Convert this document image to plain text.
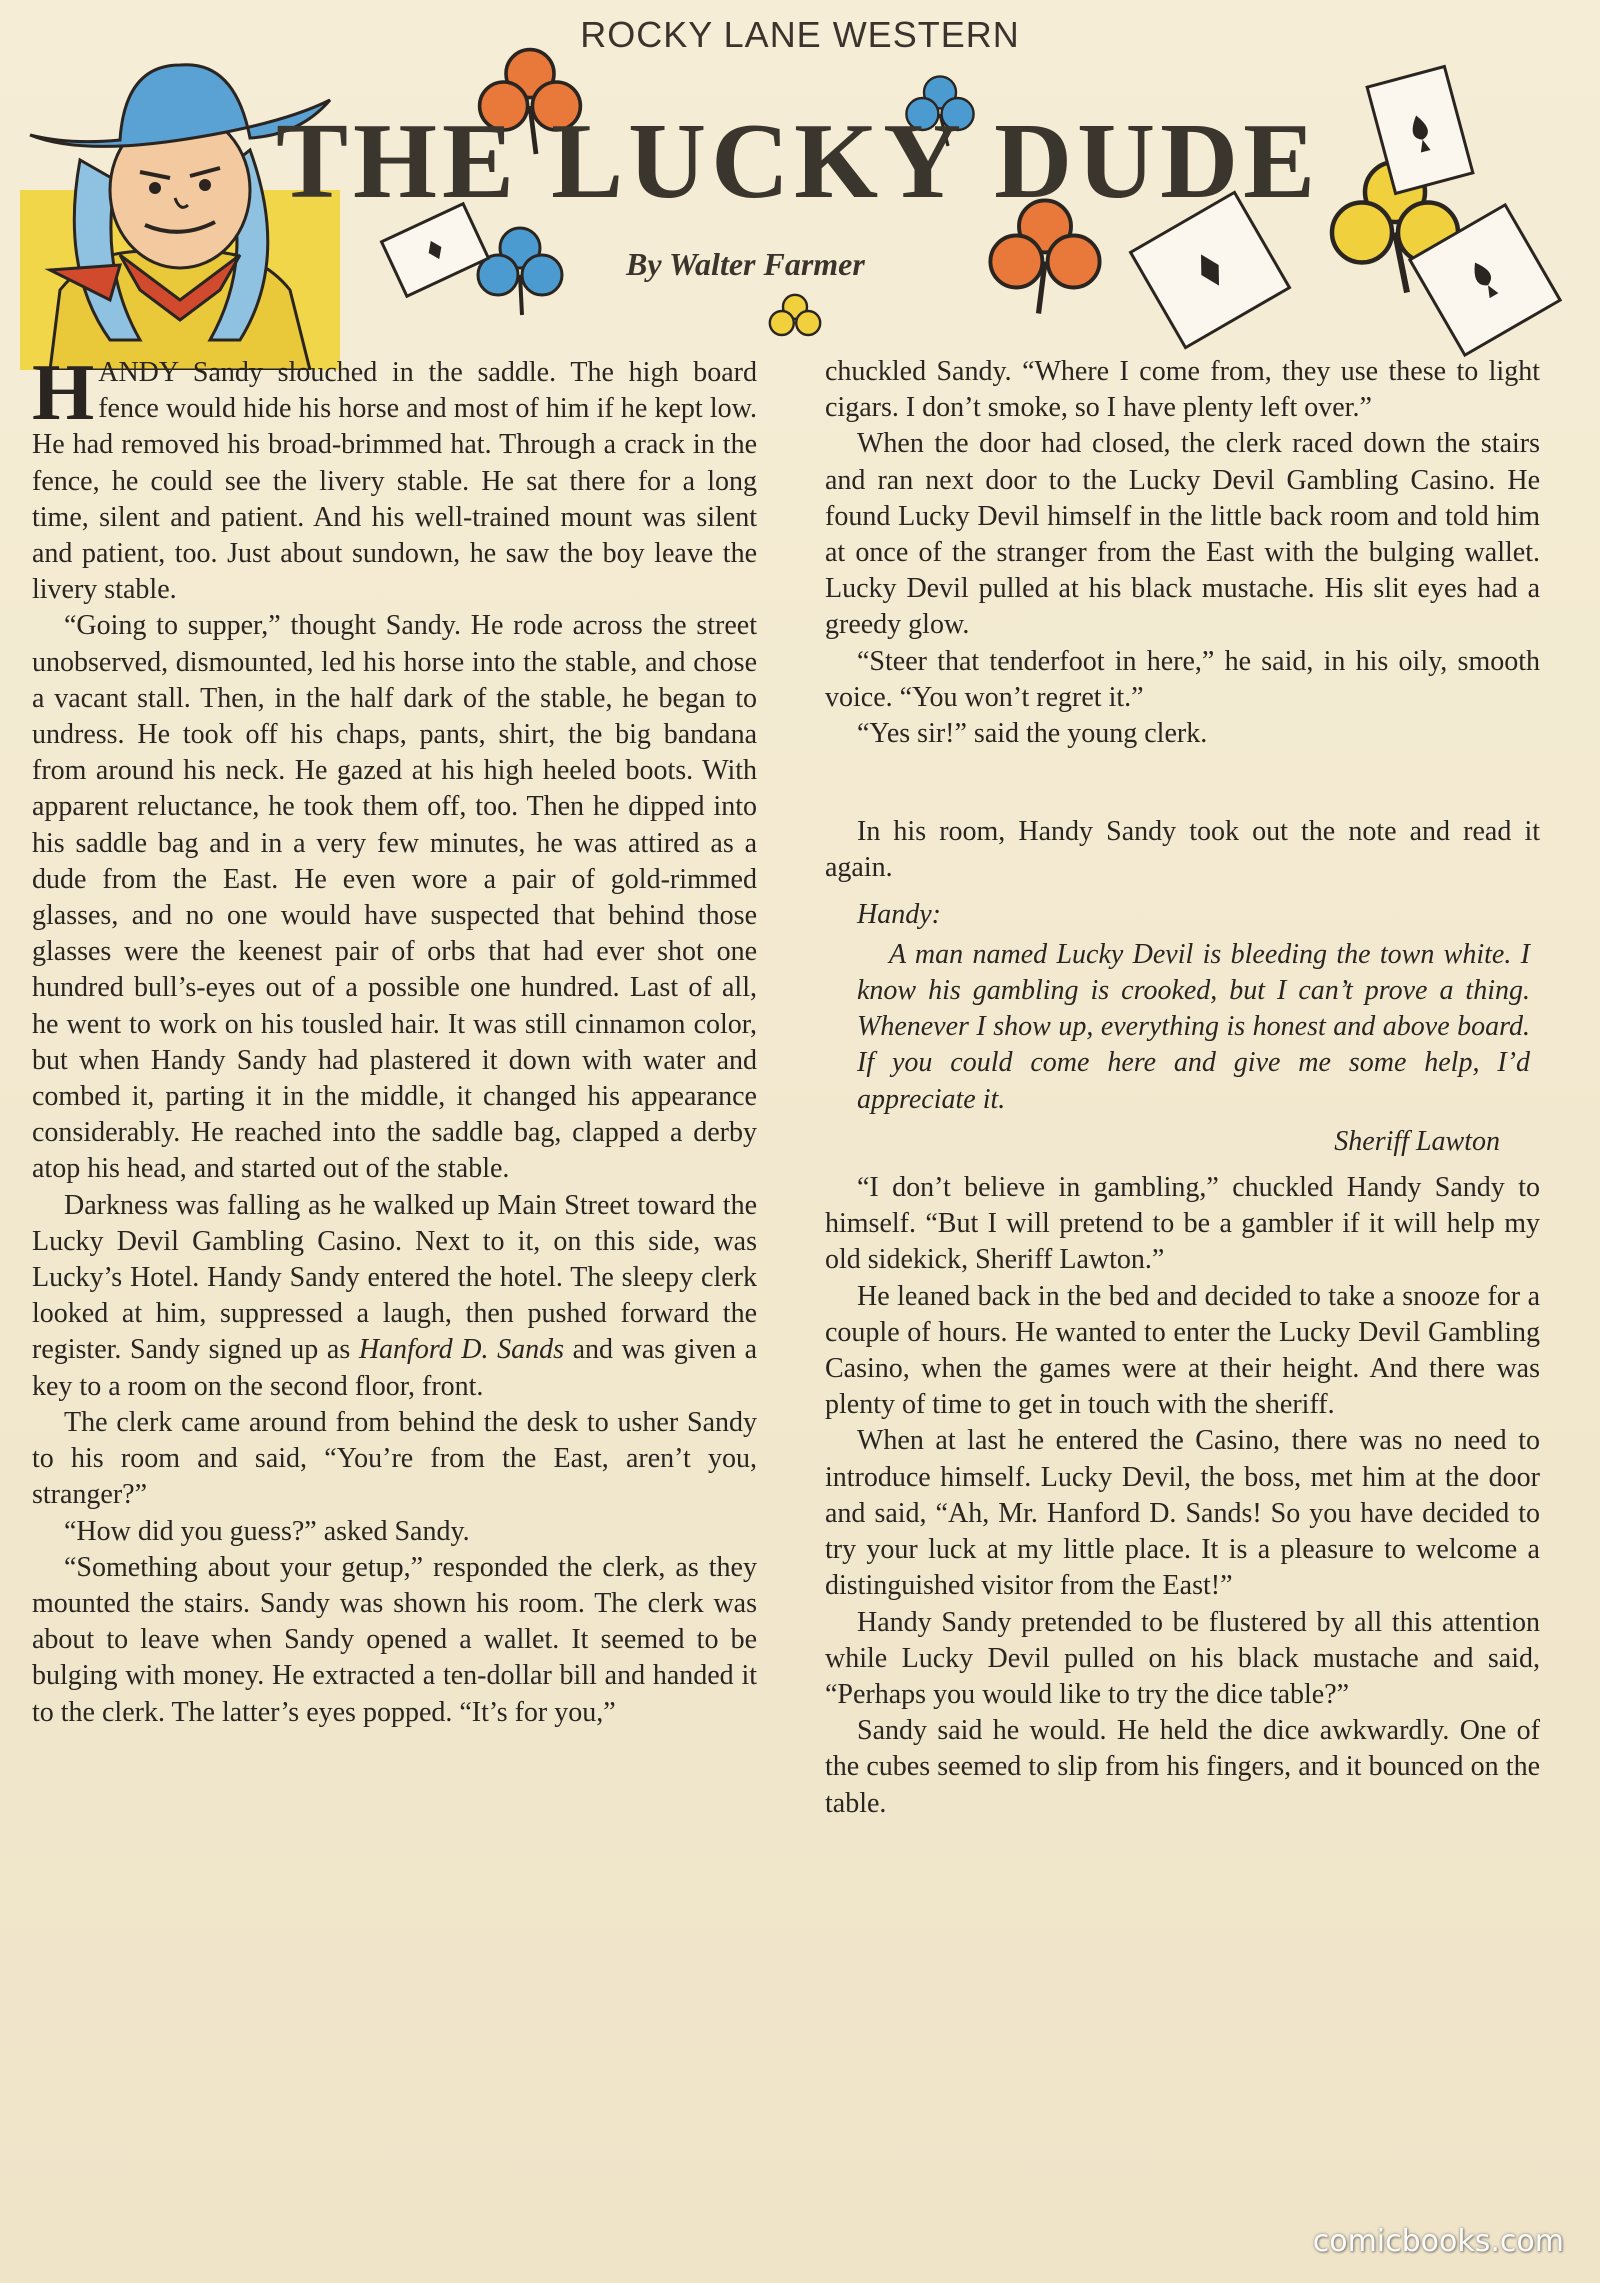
ROCKY LANE WESTERN
THE LUCKY DUDE
By Walter Farmer

HANDY Sandy slouched in the saddle. The high board fence would hide his horse and most of him if he kept low. He had removed his broad-brimmed hat. Through a crack in the fence, he could see the livery stable. He sat there for a long time, silent and patient. And his well-trained mount was silent and patient, too. Just about sundown, he saw the boy leave the livery stable.

“Going to supper,” thought Sandy. He rode across the street unobserved, dismounted, led his horse into the stable, and chose a vacant stall. Then, in the half dark of the stable, he began to undress. He took off his chaps, pants, shirt, the big bandana from around his neck. He gazed at his high heeled boots. With apparent reluctance, he took them off, too. Then he dipped into his saddle bag and in a very few minutes, he was attired as a dude from the East. He even wore a pair of gold-rimmed glasses, and no one would have suspected that behind those glasses were the keenest pair of orbs that had ever shot one hundred bull’s-eyes out of a possible one hundred. Last of all, he went to work on his tousled hair. It was still cinnamon color, but when Handy Sandy had plastered it down with water and combed it, parting it in the middle, it changed his appearance considerably. He reached into the saddle bag, clapped a derby atop his head, and started out of the stable.

Darkness was falling as he walked up Main Street toward the Lucky Devil Gambling Casino. Next to it, on this side, was Lucky’s Hotel. Handy Sandy entered the hotel. The sleepy clerk looked at him, suppressed a laugh, then pushed forward the register. Sandy signed up as Hanford D. Sands and was given a key to a room on the second floor, front.

The clerk came around from behind the desk to usher Sandy to his room and said, “You’re from the East, aren’t you, stranger?”

“How did you guess?” asked Sandy.

“Something about your getup,” responded the clerk, as they mounted the stairs. Sandy was shown his room. The clerk was about to leave when Sandy opened a wallet. It seemed to be bulging with money. He extracted a ten-dollar bill and handed it to the clerk. The latter’s eyes popped. “It’s for you,”

chuckled Sandy. “Where I come from, they use these to light cigars. I don’t smoke, so I have plenty left over.”

When the door had closed, the clerk raced down the stairs and ran next door to the Lucky Devil Gambling Casino. He found Lucky Devil himself in the little back room and told him at once of the stranger from the East with the bulging wallet. Lucky Devil pulled at his black mustache. His slit eyes had a greedy glow.

“Steer that tenderfoot in here,” he said, in his oily, smooth voice. “You won’t regret it.”

“Yes sir!” said the young clerk.

In his room, Handy Sandy took out the note and read it again.

Handy:

A man named Lucky Devil is bleeding the town white. I know his gambling is crooked, but I can’t prove a thing. Whenever I show up, everything is honest and above board. If you could come here and give me some help, I’d appreciate it.

Sheriff Lawton

“I don’t believe in gambling,” chuckled Handy Sandy to himself. “But I will pretend to be a gambler if it will help my old sidekick, Sheriff Lawton.”

He leaned back in the bed and decided to take a snooze for a couple of hours. He wanted to enter the Lucky Devil Gambling Casino, when the games were at their height. And there was plenty of time to get in touch with the sheriff.

When at last he entered the Casino, there was no need to introduce himself. Lucky Devil, the boss, met him at the door and said, “Ah, Mr. Hanford D. Sands! So you have decided to try your luck at my little place. It is a pleasure to welcome a distinguished visitor from the East!”

Handy Sandy pretended to be flustered by all this attention while Lucky Devil pulled on his black mustache and said, “Perhaps you would like to try the dice table?”

Sandy said he would. He held the dice awkwardly. One of the cubes seemed to slip from his fingers, and it bounced on the table.

comicbooks.com
